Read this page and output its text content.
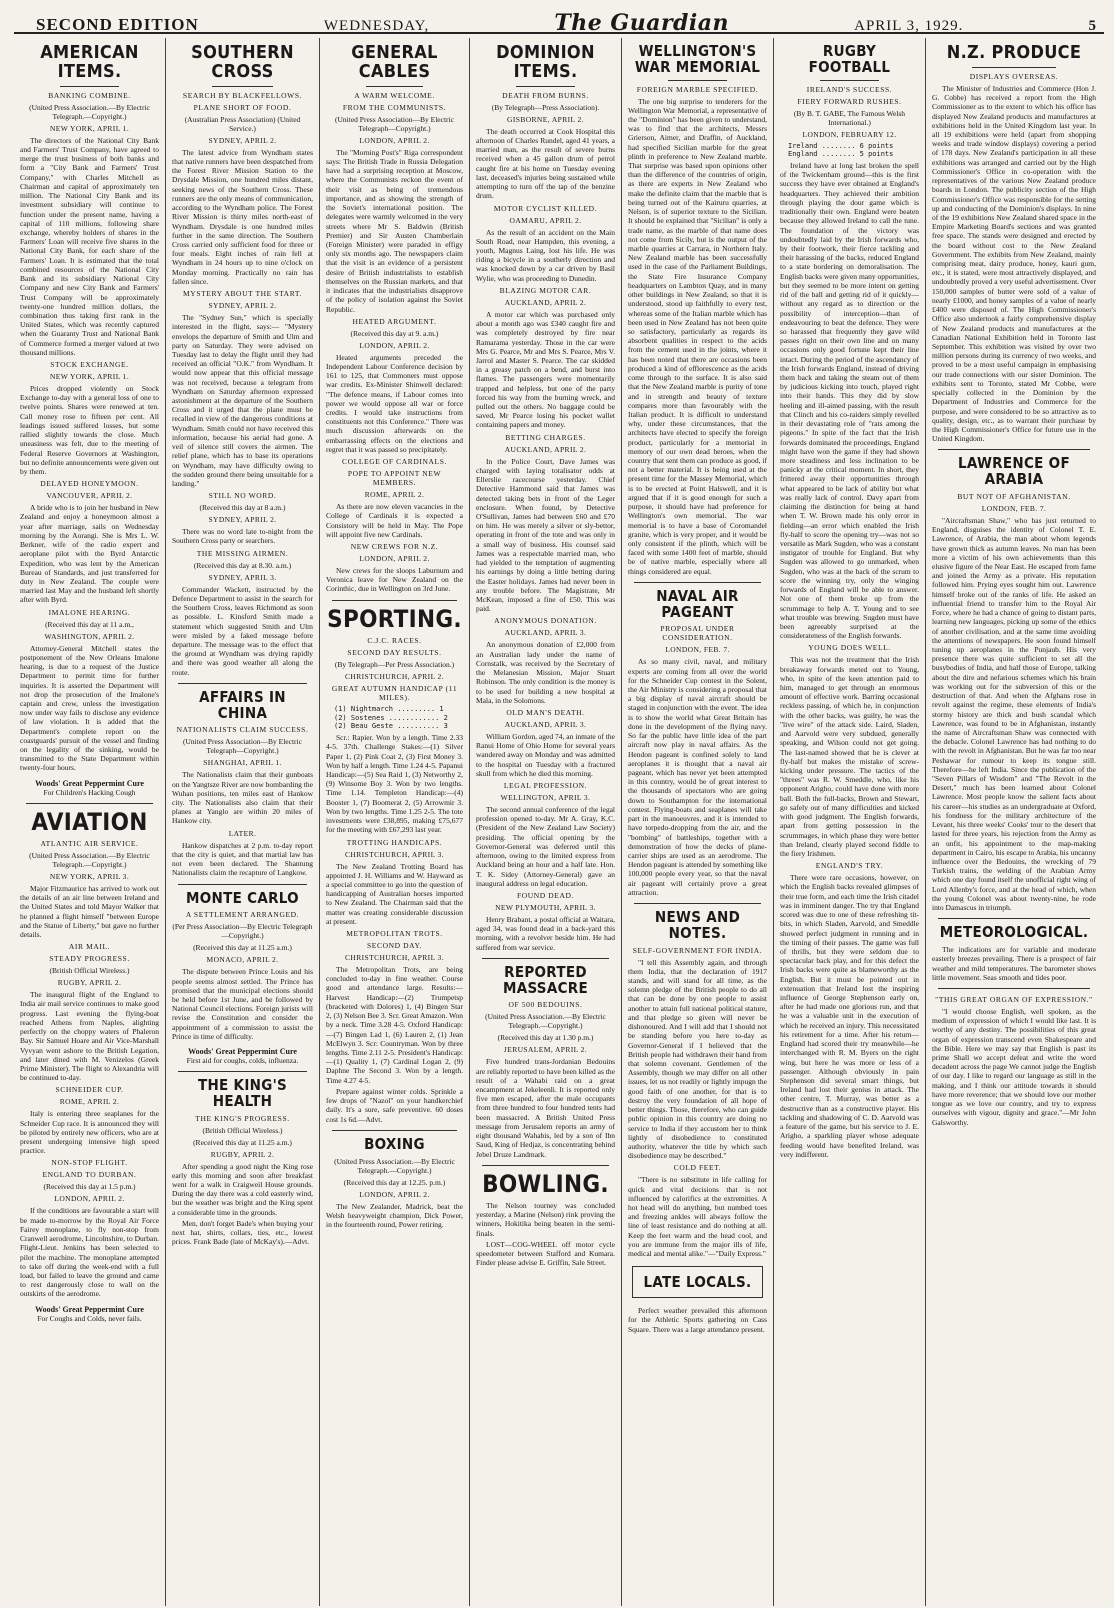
SECOND EDITION	WEDNESDAY,	The Guardian	APRIL 3, 1929.	5
AMERICAN ITEMS.
BANKING COMBINE.
(United Press Association.—By Electric Telegraph.—Copyright.)
NEW YORK, APRIL 1.

The directors of the National City Bank and Farmers' Trust Company, have agreed to merge the trust business of both banks and form a "City Bank and Farmers' Trust Company," with Charles Mitchell as Chairman and capital of approximately ten million. The National City Bank and its investment subsidiary will continue to function under the present name, having a capital of 110 millions, following share exchange, whereby holders of shares in the Farmers' Loan will receive five shares in the National City Bank, for each share of the Farmers' Loan. It is estimated that the total combined resources of the National City Bank and its subsidiary National City Company and new City Bank and Farmers' Trust Company will be approximately twenty-one hundred million dollars, the combination thus taking first rank in the United States, which was recently captured when the Guaranty Trust and National Bank of Commerce formed a merger valued at two thousand millions.

STOCK EXCHANGE.
NEW YORK, APRIL 1.

Prices dropped violently on Stock Exchange to-day with a general loss of one to twelve points. Shares were renewed at ten. Call money rose to fifteen per cent. All leadings issued suffered losses, but some rallied slightly towards the close. Much uneasiness was felt, due to the meeting of Federal Reserve Governors at Washington, but no definite announcements were given out by them.

DELAYED HONEYMOON.
VANCOUVER, APRIL 2.

A bride who is to join her husband in New Zealand and enjoy a honeymoon almost a year after marriage, sails on Wednesday morning by the Aorangi. She is Mrs L. W. Berkner, wife of the radio expert and aeroplane pilot with the Byrd Antarctic Expedition, who was lent by the American Bureau of Standards, and just transferred for duty in New Zealand. The couple were married last May and the husband left shortly after with Byrd.

IMALONE HEARING.
(Received this day at 11 a.m.,
WASHINGTON, APRIL 2.

Attorney-General Mitchell states the postponement of the New Orleans Imalone hearing, is due to a request of the Justice Department to permit time for further inquiries. It is asserted the Department will not drop the prosecution of the Imalone's captain and crew, unless the investigation now under way fails to disclose any evidence of law violation. It is added that the Department's complete report on the coastguards' pursuit of the vessel and finding on the legality of the sinking, would be transmitted to the State Department within twenty-four hours.

Woods' Great Peppermint Cure
For Children's Hacking Cough
AVIATION
ATLANTIC AIR SERVICE.
(United Press Association.—By Electric Telegraph.—Copyright.)
NEW YORK, APRIL 3.

Major Fitzmaurice has arrived to work out the details of an air line between Ireland and the United States and told Mayor Walker that he planned a flight himself "between Europe and the Statue of Liberty," but gave no further details.

AIR MAIL.
STEADY PROGRESS.
(British Official Wireless.)
RUGBY, APRIL 2.

The inaugural flight of the England to India air mail service continues to make good progress. Last evening the flying-boat reached Athens from Naples, alighting perfectly on the choppy waters of Phaleron Bay. Sir Samuel Hoare and Air Vice-Marshall Vyvyan went ashore to the British Legation, and later dined with M. Venizelos (Greek Prime Minister). The flight to Alexandria will be continued to-day.

SCHNEIDER CUP.
ROME, APRIL 2.

Italy is entering three seaplanes for the Schneider Cup race. It is announced they will be piloted by entirely new officers, who are at present undergoing intensive high speed practice.

NON-STOP FLIGHT.
ENGLAND TO DURBAN.
(Received this day at 1.5 p.m.)
LONDON, APRIL 2.

If the conditions are favourable a start will be made to-morrow by the Royal Air Force Fairey monoplane, to fly non-stop from Cranwell aerodrome, Lincolnshire, to Durban. Flight-Lieut. Jenkins has been selected to pilot the machine. The monoplane attempted to take off during the week-end with a full load, but failed to leave the ground and came to rest dangerously close to wall on the outskirts of the aerodrome.

Woods' Great Peppermint Cure
For Coughs and Colds, never fails.
SOUTHERN CROSS
SEARCH BY BLACKFELLOWS.
PLANE SHORT OF FOOD.
(Australian Press Association) (United Service.)
SYDNEY, APRIL 2.

The latest advice from Wyndham states that native runners have been despatched from the Forest River Mission Station to the Drysdale Mission, one hundred miles distant, seeking news of the Southern Cross. These runners are the only means of communication, according to the Wyndham police. The Forest River Mission is thirty miles north-east of Wyndham. Drysdale is one hundred miles further in the same direction. The Southern Cross carried only sufficient food for three or four meals. Eight inches of rain fell at Wyndham in 24 hours up to nine o'clock on Monday morning. Practically no rain has fallen since.

MYSTERY ABOUT THE START.
SYDNEY, APRIL 2.

The "Sydney Sun," which is specially interested in the flight, says:— "Mystery envelops the departure of Smith and Ulm and party on Saturday. They were advised on Tuesday last to delay the flight until they had received an official "O.K." from Wyndham. It would now appear that this official message was not received, because a telegram from Wyndham on Saturday afternoon expressed astonishment at the departure of the Southern Cross and it urged that the plane must be recalled in view of the dangerous conditions at Wyndham. Smith could not have received this information, because his aerial had gone. A veil of silence still covers the airmen. The relief plane, which has to base its operations on Wyndham, may have difficulty owing to the sudden ground there being unsuitable for a landing."

STILL NO WORD.
(Received this day at 8 a.m.)
SYDNEY, APRIL 2.

There was no word late to-night from the Southern Cross party or searchers.

THE MISSING AIRMEN.
(Received this day at 8.30. a.m.)
SYDNEY, APRIL 3.

Commander Wackett, instructed by the Defence Department to assist in the search for the Southern Cross, leaves Richmond as soon as possible. L. Kinsford Smith made a statement which suggested Smith and Ulm were misled by a faked message before departure. The message was to the effect that the ground at Wyndham was drying rapidly and there was good weather all along the route.

AFFAIRS IN CHINA
NATIONALISTS CLAIM SUCCESS.
(United Press Association—By Electric Telegraph—Copyright.)
SHANGHAI, APRIL 1.

The Nationalists claim that their gunboats on the Yangtsze River are now bombarding the Wuhan positions, ten miles east of Hankow city. The Nationalists also claim that their planes at Yanglo are within 20 miles of Hankow city.

LATER.

Hankow dispatches at 2 p.m. to-day report that the city is quiet, and that martial law has not even been declared. The Shantung Nationalists claim the recapture of Langkow.

MONTE CARLO
A SETTLEMENT ARRANGED.
(Per Press Association—By Electric Telegraph—Copyright.)
(Received this day at 11.25 a.m.)
MONACO, APRIL 2.

The dispute between Prince Louis and his people seems almost settled. The Prince has promised that the municipal elections should be held before 1st June, and be followed by National Council elections. Foreign jurists will revise the Constitution and consider the appointment of a commission to assist the Prince in time of difficulty.

Woods' Great Peppermint Cure
First aid for coughs, colds, influenza.
THE KING'S HEALTH
THE KING'S PROGRESS.
(British Official Wireless.)
(Received this day at 11.25 a.m.)
RUGBY, APRIL 2.

After spending a good night the King rose early this morning and soon after breakfast went for a walk in Craigweil House grounds. During the day there was a cold easterly wind, but the weather was bright and the King spent a considerable time in the grounds.

Men, don't forget Bade's when buying your next hat, shirts, collars, ties, etc., lowest prices. Frank Bade (late of McKay's).—Advt.

GENERAL CABLES
A WARM WELCOME.
FROM THE COMMUNISTS.
(United Press Association—By Electric Telegraph—Copyright.)
LONDON, APRIL 2.

The "Morning Post's" Riga correspondent says: The British Trade in Russia Delegation have had a surprising reception at Moscow, where the Communists reckon the event of their visit as being of tremendous importance, and as showing the strength of the Soviet's international position. The delegates were warmly welcomed in the very streets where Mr S. Baldwin (British Premier) and Sir Austen Chamberlain (Foreign Minister) were paraded in effigy only six months ago. The newspapers claim that the visit is an evidence of a persistent desire of British industrialists to establish themselves on the Russian markets, and that it indicates that the industrialists disapprove of the policy of isolation against the Soviet Republic.

HEATED ARGUMENT.
(Received this day at 9. a.m.)
LONDON, APRIL 2.

Heated arguments preceded the Independent Labour Conference decision by 161 to 125, that Commoners must oppose war credits. Ex-Minister Shinwell declared: "The defence means, if Labour comes into power we would oppose all war or force credits. I would take instructions from constituents not this Conference." There was much discussion afterwards on the embarrassing effects on the elections and regret that it was passed so precipitately.

COLLEGE OF CARDINALS.
POPE TO APPOINT NEW MEMBERS.
ROME, APRIL 2.

As there are now eleven vacancies in the College of Cardinals it is expected a Consistory will be held in May. The Pope will appoint five new Cardinals.

NEW CREWS FOR N.Z.
LONDON, APRIL 2.

New crews for the sloops Laburnum and Veronica leave for New Zealand on the Corinthic, due in Wellington on 3rd June.

SPORTING.
C.J.C. RACES.
SECOND DAY RESULTS.
(By Telegraph—Per Press Association.)
CHRISTCHURCH, APRIL 2.
GREAT AUTUMN HANDICAP (11 MILES).
(1) Nightmarch ......... 1
(2) Sostenes ............ 2
(2) Beau Geste .......... 3

Scr.: Rapier. Won by a length. Time 2.33 4-5. 37th. Challenge Stakes:—(1) Silver Paper 1, (2) Pink Coat 2, (3) First Money 3. Won by half a length. Time 1.24 4-5. Papanui Handicap:—(5) Sea Raid 1, (3) Networthy 2, (9) Winsome Boy 3. Won by two lengths. Time 1.14. Templeton Handicap:—(4) Booster 1, (7) Boomerat 2, (5) Arrowmir 3. Won by two lengths. Time 1.25 2-5. The tote investments were £38,895, making £75,677 for the meeting with £67,293 last year.

TROTTING HANDICAPS.
CHRISTCHURCH, APRIL 3.

The New Zealand Trotting Board has appointed J. H. Williams and W. Hayward as a special committee to go into the question of handicapping of Australian horses imported to New Zealand. The Chairman said that the matter was creating considerable discussion at present.

METROPOLITAN TROTS.
SECOND DAY.
CHRISTCHURCH, APRIL 3.

The Metropolitan Trots, are being concluded to-day in fine weather. Course good and attendance large. Results:— Harvest Handicap:—(2) Trumpetsp (bracketed with Dolores) 1, (4) Bingen Star 2, (3) Nelson Bee 3. Scr. Great Amazon. Won by a neck. Time 3.28 4-5. Oxford Handicap:—(7) Bingen Lad 1, (6) Lauren 2, (1) Jean McElwyn 3. Scr: Countryman. Won by three lengths. Time 2.11 2-5. President's Handicap:—(1) Quality 1, (7) Cardinal Logan 2, (9) Daphne The Second 3. Won by a length. Time 4.27 4-5.

Prepare against winter colds. Sprinkle a few drops of "Nazol" on your handkerchief daily. It's a sure, safe preventive. 60 doses cost 1s 6d.—Advt.

BOXING
(United Press Association.—By Electric Telegraph.—Copyright.)
(Received this day at 12.25. p.m.)
LONDON, APRIL 2.

The New Zealander, Madrick, beat the Welsh heavyweight champion, Dick Power, in the fourteenth round, Power retiring.

DOMINION ITEMS.
DEATH FROM BURNS.
(By Telegraph—Press Association).
GISBORNE, APRIL 2.

The death occurred at Cook Hospital this afternoon of Charles Rundel, aged 41 years, a married man, as the result of severe burns received when a 45 gallon drum of petrol caught fire at his home on Tuesday evening last, deceased's injuries being sustained while attempting to turn off the tap of the benzine drum.

MOTOR CYCLIST KILLED.
OAMARU, APRIL 2.

As the result of an accident on the Main South Road, near Hampden, this evening, a youth, Magnus Laing, lost his life. He was riding a bicycle in a southerly direction and was knocked down by a car driven by Basil Wylie, who was proceeding to Dunedin.

BLAZING MOTOR CAR.
AUCKLAND, APRIL 2.

A motor car which was purchased only about a month ago was £340 caught fire and was completely destroyed by fire near Ramarama yesterday. Those in the car were Mrs G. Pearce, Mr and Mrs S. Pearce, Mrs V. Jarrol and Master S. Pearce. The car skidded in a greasy patch on a bend, and burst into flames. The passengers were momentarily trapped and helpless, but one of the party forced his way from the burning wreck, and pulled out the others. No baggage could be saved, Mr Pearce losing his pocket wallet containing papers and money.

BETTING CHARGES.
AUCKLAND, APRIL 2.

In the Police Court, Dave James was charged with laying totalisator odds at Ellerslie racecourse yesterday. Chief Detective Hammond said that James was detected taking bets in front of the Leger enclosure. When found, by Detective O'Sullivan, James had between £60 and £70 on him. He was merely a silver or sly-bettor, operating in front of the tote and was only in a small way of business. His counsel said James was a respectable married man, who had yielded to the temptation of augmenting his earnings by doing a little betting during the Easter holidays. James had never been in any trouble before. The Magistrate, Mr McKean, imposed a fine of £50. This was paid.

ANONYMOUS DONATION.
AUCKLAND, APRIL 3.

An anonymous donation of £2,000 from an Australian lady under the name of Cornstalk, was received by the Secretary of the Melanesian Mission, Major Stuart Robinson. The only condition is the money is to be used for building a new hospital at Mala, in the Solomons.

OLD MAN'S DEATH.
AUCKLAND, APRIL 3.

William Gordon, aged 74, an inmate of the Ranui Home of Ohio Home for several years wandered away on Monday and was admitted to the hospital on Tuesday with a fractured skull from which he died this morning.

LEGAL PROFESSION.
WELLINGTON, APRIL 3.

The second annual conference of the legal profession opened to-day. Mr A. Gray, K.C. (President of the New Zealand Law Society) presiding. The official opening by the Governor-General was deferred until this afternoon, owing to the limited express from Auckland being an hour and a half late. Hon. T. K. Sidey (Attorney-General) gave an inaugural address on legal education.

FOUND DEAD.
NEW PLYMOUTH, APRIL 3.

Henry Brabant, a postal official at Waitara, aged 34, was found dead in a back-yard this morning, with a revolver beside him. He had suffered from war service.

REPORTED MASSACRE
OF 500 BEDOUINS.
(United Press Association.—By Electric Telegraph.—Copyright.)
(Received this day at 1.30 p.m.)
JERUSALEM, APRIL 2.

Five hundred trans-Jordanian Bedouins are reliably reported to have been killed as the result of a Wahabi raid on a great encampment at Jekeleenli. It is reported only five men escaped, after the male occupants from three hundred to four hundred tents had been massacred. A British United Press message from Jerusalem reports an army of eight thousand Wahabis, led by a son of Ibn Saud, King of Hedjaz, is concentrating behind Jebel Druze Landmark.

BOWLING.

The Nelson tourney was concluded yesterday, a Marine (Nelson) rink proving the winners, Hokitika being beaten in the semi-finals.

LOST—COG-WHEEL off motor cycle speedometer between Stafford and Kumara. Finder please advise E. Griffin, Sale Street.

WELLINGTON'S WAR MEMORIAL
FOREIGN MARBLE SPECIFIED.

The one big surprise to tenderers for the Wellington War Memorial, a representative of the "Dominion" has been given to understand, was to find that the architects, Messrs Grierson, Aimer, and Draffin, of Auckland, had specified Sicilian marble for the great plinth in preference to New Zealand marble. That surprise was based upon opinions other than the difference of the countries of origin, as there are experts in New Zealand who make the definite claim that the marble that is being turned out of the Kairuru quarries, at Nelson, is of superior texture to the Sicilian. It should be explained that "Sicilian" is only a trade name, as the marble of that name does not come from Sicily, but is the output of the marble quarries at Carrara, in Northern Italy. New Zealand marble has been successfully used in the case of the Parliament Buildings, the State Fire Insurance Company headquarters on Lambton Quay, and in many other buildings in New Zealand, so that it is understood, stood up faithfully to every test, whereas some of the Italian marble which has been used in New Zealand has not been quite so satisfactory, particularly as regards its absorbent qualities in respect to the acids from the cement used in the joints, where it has been noted that there are occasions been produced a kind of efflorescence as the acids come through to the surface. It is also said that the New Zealand marble is purity of tone and in strength and beauty of texture compares more than favourably with the Italian product. It is difficult to understand why, under these circumstances, that the architects have elected to specify the foreign product, particularly for a memorial in memory of our own dead heroes, when the country that sent them can produce as good, if not a better material. It is being used at the present time for the Massey Memorial, which is to be erected at Point Halswell, and it is argued that if it is good enough for such a purpose, it should have had preference for Wellington's own memorial. The war memorial is to have a base of Coromandel granite, which is very proper, and it would be only consistent if the plinth, which will be faced with some 1400 feet of marble, should be of native marble, especially where all things considered are equal.

NAVAL AIR PAGEANT
PROPOSAL UNDER CONSIDERATION.
LONDON, FEB. 7.

As so many civil, naval, and military experts are coming from all over the world for the Schneider Cup contest in the Solent, the Air Ministry is considering a proposal that a big display of naval aircraft should be staged in conjunction with the event. The idea is to show the world what Great Britain has done in the development of the flying navy. So far the public have little idea of the part aircraft now play in naval affairs. As the Hendon pageant is confined solely to land aeroplanes it is thought that a naval air pageant, which has never yet been attempted in this country, would be of great interest to the thousands of spectators who are going down to Southampton for the international contest. Flying-boats and seaplanes will take part in the manoeuvres, and it is intended to have torpedo-dropping from the air, and the "bombing" of battleships, together with a demonstration of how the decks of plane-carrier ships are used as an aerodrome. The Hendon pageant is attended by something like 100,000 people every year, so that the naval air pageant will certainly prove a great attraction.

NEWS AND NOTES.
SELF-GOVERNMENT FOR INDIA.

"I tell this Assembly again, and through them India, that the declaration of 1917 stands, and will stand for all time, as the solemn pledge of the British people to do all that can be done by one people to assist another to attain full national political stature, and that pledge so given will never be dishonoured. And I will add that I should not be standing before you here to-day as Governor-General if I believed that the British people had withdrawn their hand from that solemn covenant. Gentlemen of the Assembly, though we may differ on all other issues, let us not readily or lightly impugn the good faith of one another, for that is to destroy the very foundation of all hope of better things. Those, therefore, who can guide public opinion in this country are doing no service to India if they accustom her to think lightly of disobedience to constituted authority, whatever the title by which such disobedience may be described."

COLD FEET.

"There is no substitute in life calling for quick and vital decisions that is not influenced by calorifics at the extremities. A hot head will do anything, but numbed toes and freezing ankles will always follow the line of least resistance and do nothing at all. Keep the feet warm and the head cool, and you are immune from the major ills of life, medical and mental alike."—"Daily Express."

LATE LOCALS.

Perfect weather prevailed this afternoon for the Athletic Sports gathering on Cass Square. There was a large attendance present.

RUGBY FOOTBALL
IRELAND'S SUCCESS.
FIERY FORWARD RUSHES.
(By B. T. GABE, The Famous Welsh International.)
LONDON, FEBRUARY 12.
Ireland ........ 6 points
England ........ 5 points

Ireland have at long last broken the spell of the Twickenham ground—this is the first success they have ever obtained at England's headquarters. They achieved their ambition through playing the dour game which is traditionally their own. England were beaten because they allowed Ireland to call the tune. The foundation of the victory was undoubtedly laid by the Irish forwards who, by their footwork, their fierce tackling and their harassing of the backs, reduced England to a state bordering on demoralisation. The English backs were given many opportunities, but they seemed to be more intent on getting rid of the ball and getting rid of it quickly—without any regard as to direction or the possibility of interception—than of endeavouring to beat the defence. They were so harassed that frequently they gave wild passes right on their own line and on many occasions only good fortune kept their line intact. During the period of the ascendancy of the Irish forwards England, instead of driving them back and taking the steam out of them by judicious kicking into touch, played right into their hands. This they did by slow heeling and ill-aimed passing, with the result that Clinch and his co-raiders simply revelled in their devastating role of "rats among the pigeons." In spite of the fact that the Irish forwards dominated the proceedings, England might have won the game if they had shown more steadiness and less inclination to be panicky at the critical moment. In short, they frittered away their opportunities through what appeared to be lack of ability but what was really lack of control. Davy apart from claiming the distinction for being at hand when T. W. Brown made his only error in fielding—an error which enabled the Irish fly-half to score the opening try—was not so versatile as Mark Sugden, who was a constant instigator of trouble for England. But why Sugden was allowed to go unmarked, when Sugden, who was at the back of the scrum to score the winning try, only the winging forwards of England will be able to answer. Not one of them broke up from the scrummage to help A. T. Young and to see what trouble was brewing. Sugden must have been agreeably surprised at the considerateness of the English forwards.

YOUNG DOES WELL.

This was not the treatment that the Irish breakaway forwards meted out to Young, who, in spite of the keen attention paid to him, managed to get through an enormous amount of effective work. Barring occasional reckless passing, of which he, in conjunction with the other backs, was guilty, he was the "live wire" of the attack side. Laird, Sladen, and Aarvold were very subdued, generally speaking, and Wilson could not get going. The last-named showed that he is clever at fly-half but makes the mistake of screw-kicking under pressure. The tactics of the "threes" was R. W. Smeddle, who, like his opponent Arigho, could have done with more ball. Both the full-backs, Brown and Stewart, go safely out of many difficulties and kicked with good judgment. The English forwards, apart from getting possession in the scrummages, in which phase they were better than Ireland, clearly played second fiddle to the fiery Irishmen.

ENGLAND'S TRY.

There were rare occasions, however, on which the English backs revealed glimpses of their true form, and each time the Irish citadel was in imminent danger. The try that England scored was due to one of these refreshing tit-bits, in which Sladen, Aarvold, and Smeddle showed perfect judgment in running and in the timing of their passes. The game was full of thrills, but they were seldom due to spectacular back play, and for this defect the Irish backs were quite as blameworthy as the English. But it must be pointed out in extenuation that Ireland lost the inspiring influence of George Stephenson early on, after he had made one glorious run, and that he was a valuable unit in the execution of which he received an injury. This necessitated his retirement for a time. After his return—England had scored their try meanwhile—he interchanged with R. M. Byers on the right wing, but here he was more or less of a passenger. Although obviously in pain Stephenson did several smart things, but Ireland had lost their genius in attack. The other centre, T. Murray, was better as a destructive than as a constructive player. His tackling and shadowing of C. D. Aarvold was a feature of the game, but his service to J. E. Arigho, a sparkling player whose adequate feeding would have benefited Ireland, was very indifferent.

N.Z. PRODUCE
DISPLAYS OVERSEAS.

The Minister of Industries and Commerce (Hon J. G. Cobbe) has received a report from the High Commissioner as to the extent to which his office has displayed New Zealand products and manufactures at exhibitions held in the United Kingdom last year. In all 19 exhibitions were held (apart from shopping weeks and trade window displays) covering a period of 178 days. New Zealand's participation in all these exhibitions was arranged and carried out by the High Commissioner's Office in co-operation with the representatives of the various New Zealand produce boards in London. The publicity section of the High Commissioner's Office was responsible for the setting up and conducting of the Dominion's displays. In nine of the 19 exhibitions New Zealand shared space in the Empire Marketing Board's sections and was granted free space. The stands were designed and erected by the board without cost to the New Zealand Government. The exhibits from New Zealand, mainly comprising meat, dairy produce, honey, kauri gum, etc., it is stated, were most attractively displayed, and undoubtedly proved a very useful advertisement. Over 150,000 samples of butter were sold of a value of nearly £1000, and honey samples of a value of nearly £400 were disposed of. The High Commissioner's Office also undertook a fairly comprehensive display of New Zealand products and manufactures at the Canadian National Exhibition held in Toronto last September. This exhibition was visited by over two million persons during its currency of two weeks, and proved to be a most useful campaign in emphasising our trade connections with our sister Dominion. The exhibits sent to Toronto, stated Mr Cobbe, were specially collected in the Dominion by the Department of Industries and Commerce for the purpose, and were considered to be so attractive as to quality, design, etc., as to warrant their purchase by the High Commissioner's Office for future use in the United Kingdom.

LAWRENCE OF ARABIA
BUT NOT OF AFGHANISTAN.
LONDON, FEB. 7.

"Aircraftsman Shaw," who has just returned to England, disguises the identity of Colonel T. E. Lawrence, of Arabia, the man about whom legends have grown thick as autumn leaves. No man has been more a victim of his own achievements than this elusive figure of the Near East. He escaped from fame and joined the Army as a private. His reputation followed him. Prying eyes sought him out. Lawrence himself broke out of the ranks of life. He asked an influential friend to transfer him to the Royal Air Force, where he had a chance of going to distant parts, learning new languages, picking up some of the ethics of another civilisation, and at the same time avoiding the attentions of newspapers. He soon found himself tuning up aeroplanes in the Punjaub. His very presence there was quite sufficient to set all the busybodies of India, and half those of Europe, talking about the dire and nefarious schemes which his brain was working out for the subversion of this or the destruction of that. And when the Afghans rose in revolt against the regime, these elements of India's stormy history are thick and bush scandal which Lawrence, was found to be in Afghanistan, instantly the name of Aircraftsman Shaw was connected with the debacle. Colonel Lawrence has had nothing to do with the revolt in Afghanistan. But he was far too near Peshawar for rumour to keep its tongue still. Therefore—he left India. Since the publication of the "Seven Pillars of Wisdom" and "The Revolt in the Desert," much has been learned about Colonel Lawrence. Most people know the salient facts about his career—his studies as an undergraduate at Oxford, his fondness for the military architecture of the Levant, his three weeks' Cooks' tour to the desert that lasted for three years, his rejection from the Army as an unfit, his appointment to the map-making department in Cairo, his escape to Arabia, his uncanny influence over the Bedouins, the wrecking of 79 Turkish trains, the welding of the Arabian Army which one day found itself the unofficial right wing of Lord Allenby's force, and at the head of which, when the young Colonel was about twenty-nine, he rode into Damascus in triumph.

METEOROLOGICAL.

The indications are for variable and moderate easterly breezes prevailing. There is a prospect of fair weather and mild temperatures. The barometer shows little movement. Seas smooth and tides poor.

"THIS GREAT ORGAN OF EXPRESSION."

"I would choose English, well spoken, as the medium of expression of which I would like last. It is worthy of any destiny. The possibilities of this great organ of expression transcend even Shakespeare and the Bible. Here we may say that English is past its prime Shall we accept defeat and write the word decadent across the page We cannot judge the English of our day. I like to regard our language as still in the making, and I think our attitude towards it should have more reverence; that we should love our mother tongue as we love our country, and try to express ourselves with vigour, dignity and grace."—Mr John Galsworthy.
